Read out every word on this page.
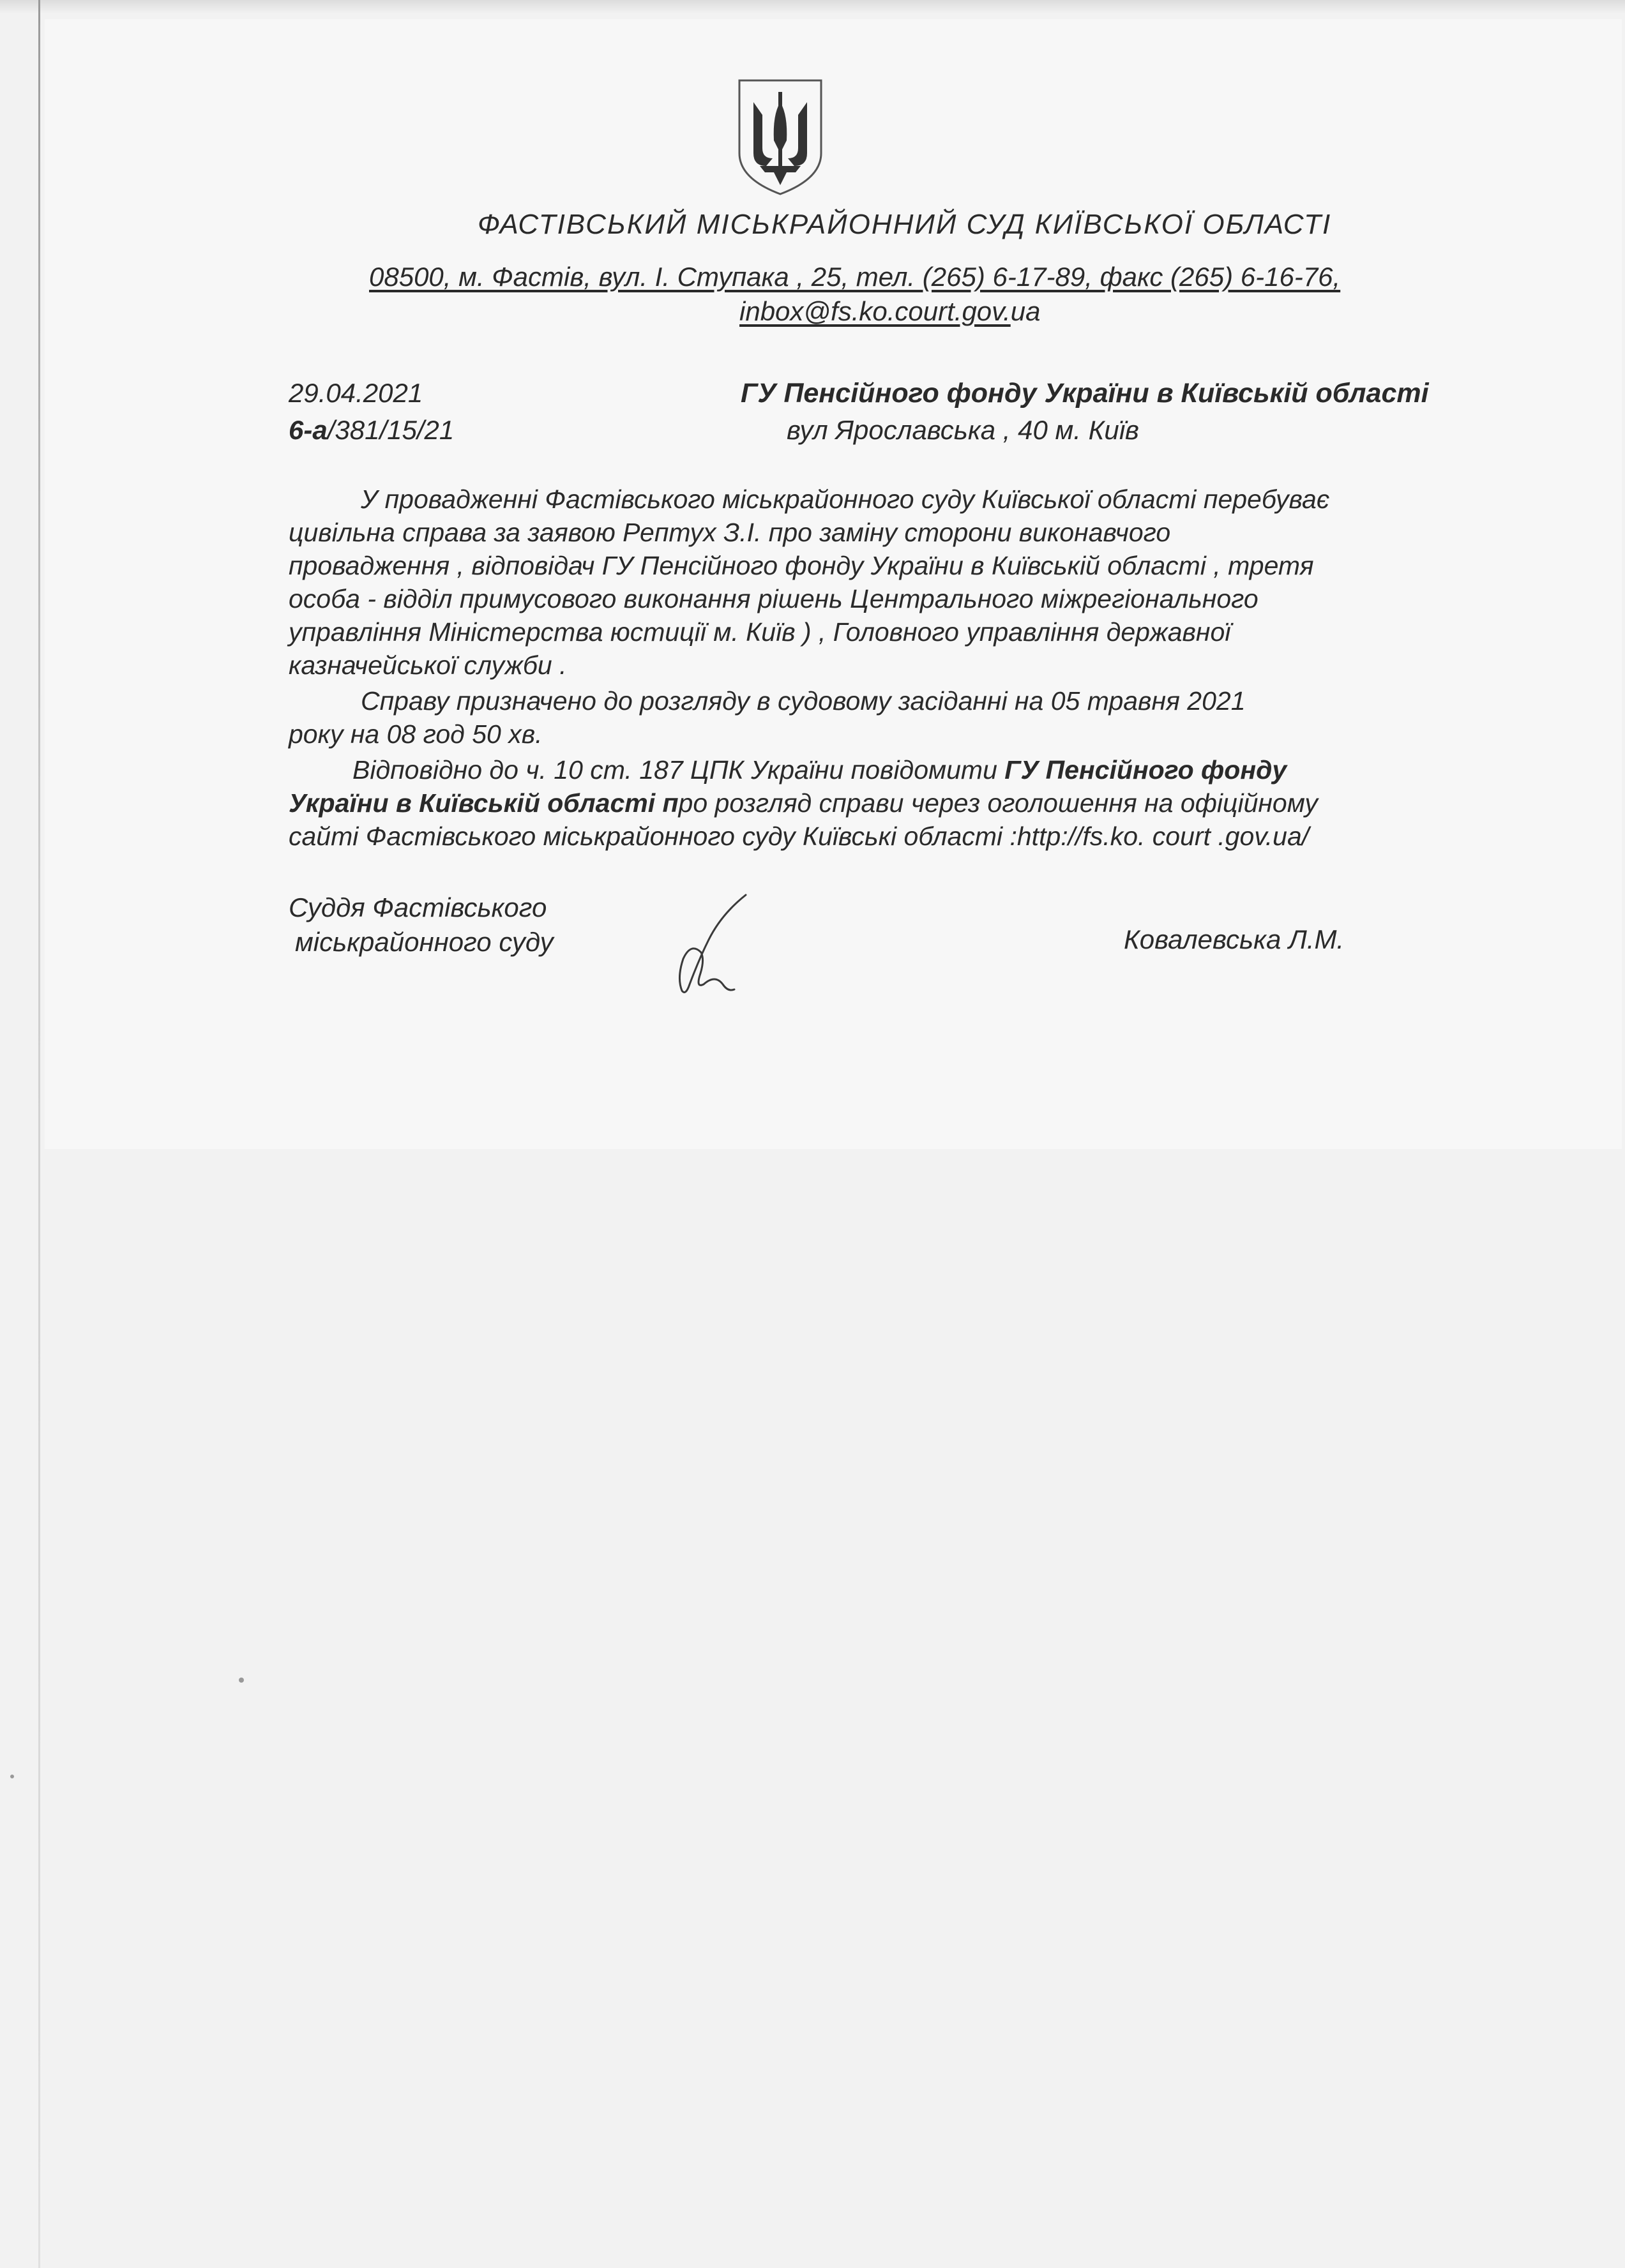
ФАСТІВСЬКИЙ МІСЬКРАЙОННИЙ СУД КИЇВСЬКОЇ ОБЛАСТІ
08500, м. Фастів, вул. І. Ступака , 25, тел. (265) 6-17-89, факс (265) 6-16-76,
inbox@fs.ko.court.gov.ua
29.04.2021
6-а/381/15/21
ГУ Пенсійного фонду України в Київській області
вул Ярославська , 40 м. Київ
У провадженні Фастівського міськрайонного суду Київської області перебуває
цивільна справа за заявою Рептух З.І. про заміну сторони виконавчого
провадження , відповідач ГУ Пенсійного фонду України в Київській області , третя
особа - відділ примусового виконання рішень Центрального міжрегіонального
управління Міністерства юстиції м. Київ ) , Головного управління державної
казначейської служби .
Справу призначено до розгляду в судовому засіданні на 05 травня 2021
року на 08 год 50 хв.
Відповідно до ч. 10 ст. 187 ЦПК України повідомити ГУ Пенсійного фонду
України в Київській області про розгляд справи через оголошення на офіційному
сайті Фастівського міськрайонного суду Київські області :http://fs.ko. court .gov.ua/
Суддя Фастівського
міськрайонного суду	Ковалевська Л.М.
